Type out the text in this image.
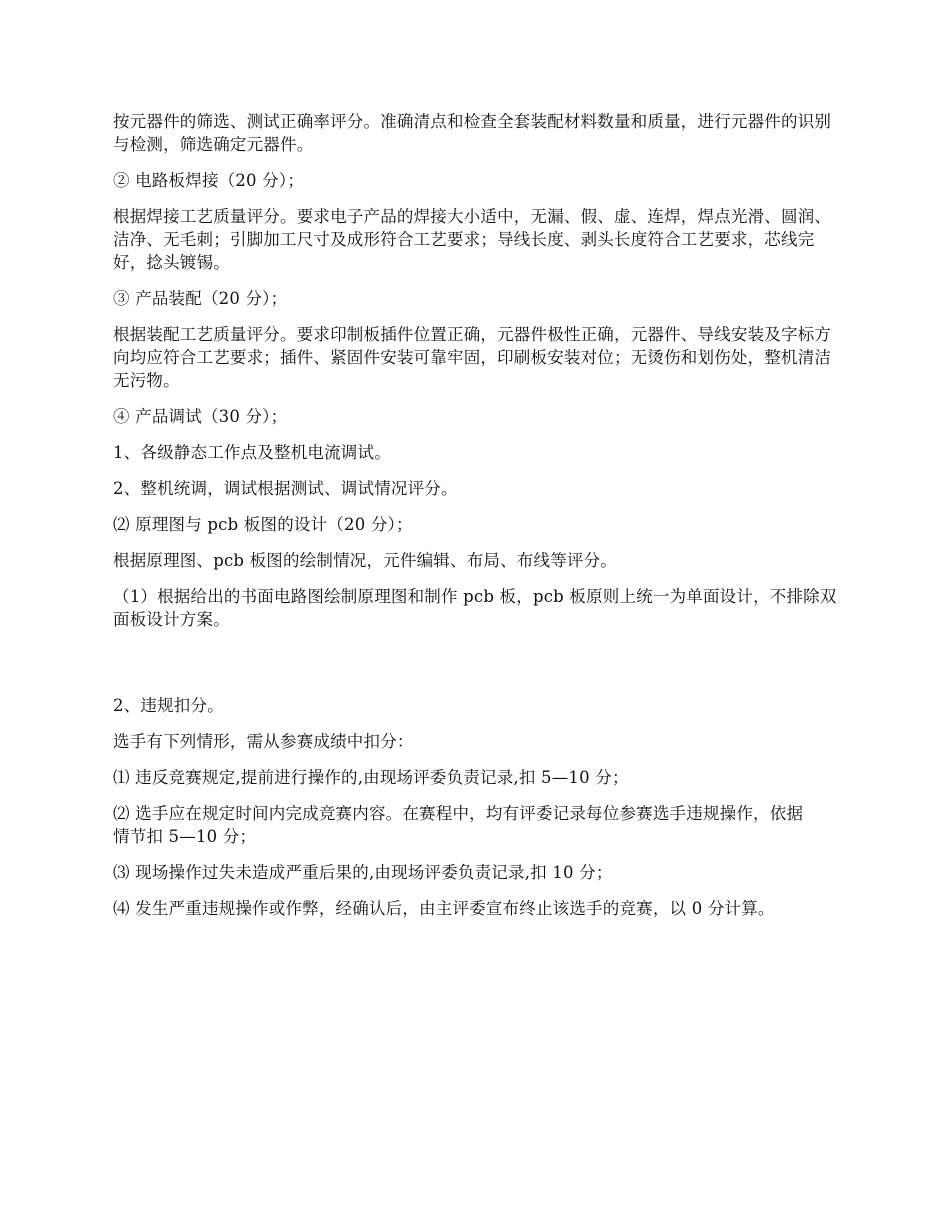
按元器件的筛选、测试正确率评分。准确清点和检查全套装配材料数量和质量，进行元器件的识别与检测，筛选确定元器件。

② 电路板焊接（20 分）；

根据焊接工艺质量评分。要求电子产品的焊接大小适中，无漏、假、虚、连焊，焊点光滑、圆润、洁净、无毛刺；引脚加工尺寸及成形符合工艺要求；导线长度、剥头长度符合工艺要求，芯线完好，捻头镀锡。

③ 产品装配（20 分）；

根据装配工艺质量评分。要求印制板插件位置正确，元器件极性正确，元器件、导线安装及字标方向均应符合工艺要求；插件、紧固件安装可靠牢固，印刷板安装对位；无烫伤和划伤处，整机清洁无污物。

④ 产品调试（30 分）；

1、各级静态工作点及整机电流调试。

2、整机统调，调试根据测试、调试情况评分。

⑵ 原理图与 pcb 板图的设计（20 分）；

根据原理图、pcb 板图的绘制情况，元件编辑、布局、布线等评分。

（1）根据给出的书面电路图绘制原理图和制作 pcb 板，pcb 板原则上统一为单面设计，不排除双面板设计方案。

2、违规扣分。

选手有下列情形，需从参赛成绩中扣分：

⑴ 违反竞赛规定,提前进行操作的,由现场评委负责记录,扣 5—10 分；

⑵ 选手应在规定时间内完成竞赛内容。在赛程中，均有评委记录每位参赛选手违规操作，依据情节扣 5—10 分；

⑶ 现场操作过失未造成严重后果的,由现场评委负责记录,扣 10 分；

⑷ 发生严重违规操作或作弊，经确认后，由主评委宣布终止该选手的竞赛，以 0 分计算。
